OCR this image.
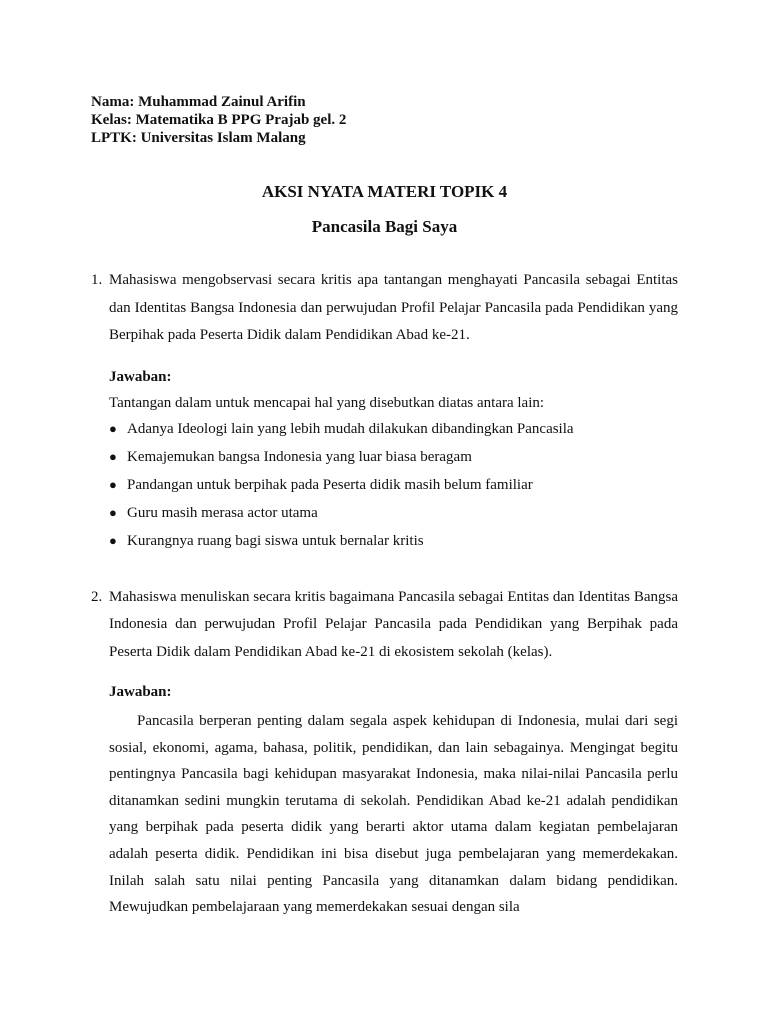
Nama: Muhammad Zainul Arifin
Kelas: Matematika B PPG Prajab gel. 2
LPTK: Universitas Islam Malang
AKSI NYATA MATERI TOPIK 4
Pancasila Bagi Saya
1. Mahasiswa mengobservasi secara kritis apa tantangan menghayati Pancasila sebagai Entitas dan Identitas Bangsa Indonesia dan perwujudan Profil Pelajar Pancasila pada Pendidikan yang Berpihak pada Peserta Didik dalam Pendidikan Abad ke-21.
Jawaban:
Tantangan dalam untuk mencapai hal yang disebutkan diatas antara lain:
● Adanya Ideologi lain yang lebih mudah dilakukan dibandingkan Pancasila
● Kemajemukan bangsa Indonesia yang luar biasa beragam
● Pandangan untuk berpihak pada Peserta didik masih belum familiar
● Guru masih merasa actor utama
● Kurangnya ruang bagi siswa untuk bernalar kritis
2. Mahasiswa menuliskan secara kritis bagaimana Pancasila sebagai Entitas dan Identitas Bangsa Indonesia dan perwujudan Profil Pelajar Pancasila pada Pendidikan yang Berpihak pada Peserta Didik dalam Pendidikan Abad ke-21 di ekosistem sekolah (kelas).
Jawaban:
Pancasila berperan penting dalam segala aspek kehidupan di Indonesia, mulai dari segi sosial, ekonomi, agama, bahasa, politik, pendidikan, dan lain sebagainya. Mengingat begitu pentingnya Pancasila bagi kehidupan masyarakat Indonesia, maka nilai-nilai Pancasila perlu ditanamkan sedini mungkin terutama di sekolah. Pendidikan Abad ke-21 adalah pendidikan yang berpihak pada peserta didik yang berarti aktor utama dalam kegiatan pembelajaran adalah peserta didik. Pendidikan ini bisa disebut juga pembelajaran yang memerdekakan. Inilah salah satu nilai penting Pancasila yang ditanamkan dalam bidang pendidikan. Mewujudkan pembelajaraan yang memerdekakan sesuai dengan sila
